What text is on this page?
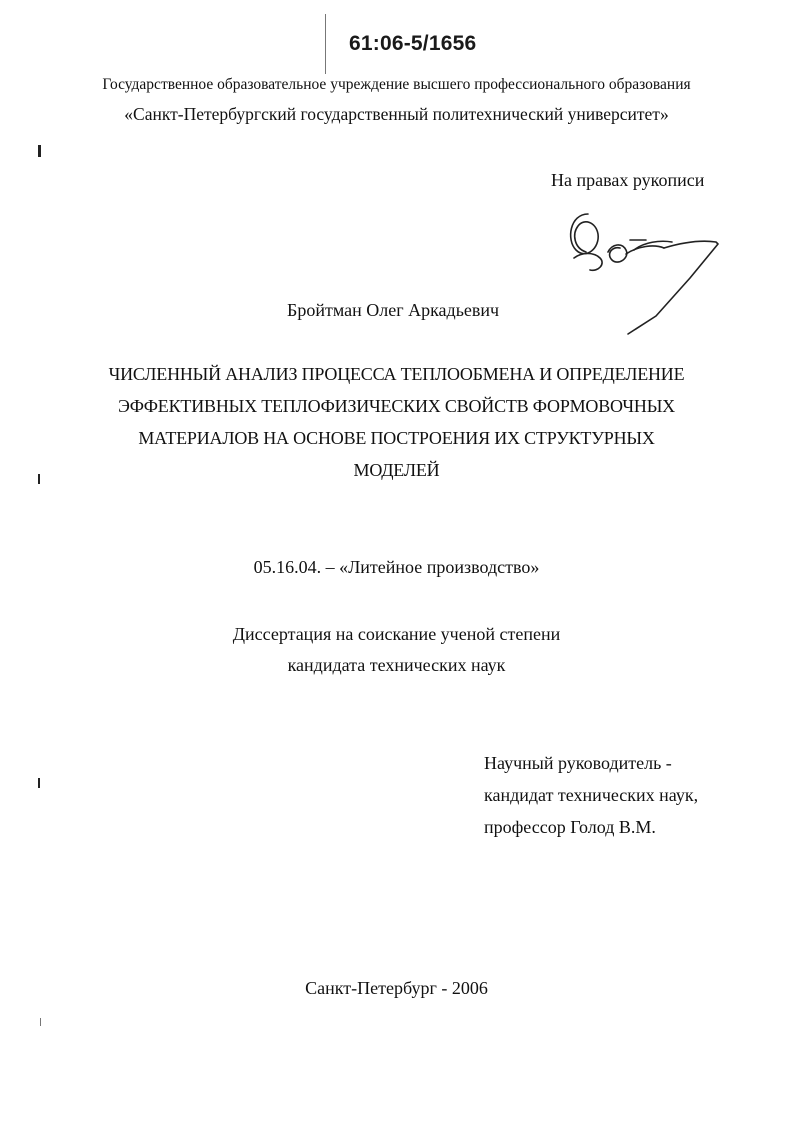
61:06-5/1656
Государственное образовательное учреждение высшего профессионального образования
«Санкт-Петербургский государственный политехнический университет»
На правах рукописи
Бройтман Олег Аркадьевич
ЧИСЛЕННЫЙ АНАЛИЗ ПРОЦЕССА ТЕПЛООБМЕНА И ОПРЕДЕЛЕНИЕ
ЭФФЕКТИВНЫХ ТЕПЛОФИЗИЧЕСКИХ СВОЙСТВ ФОРМОВОЧНЫХ
МАТЕРИАЛОВ НА ОСНОВЕ ПОСТРОЕНИЯ ИХ СТРУКТУРНЫХ
МОДЕЛЕЙ
05.16.04. – «Литейное производство»
Диссертация на соискание ученой степени
кандидата технических наук
Научный руководитель -
кандидат технических наук,
профессор Голод В.М.
Санкт-Петербург - 2006
